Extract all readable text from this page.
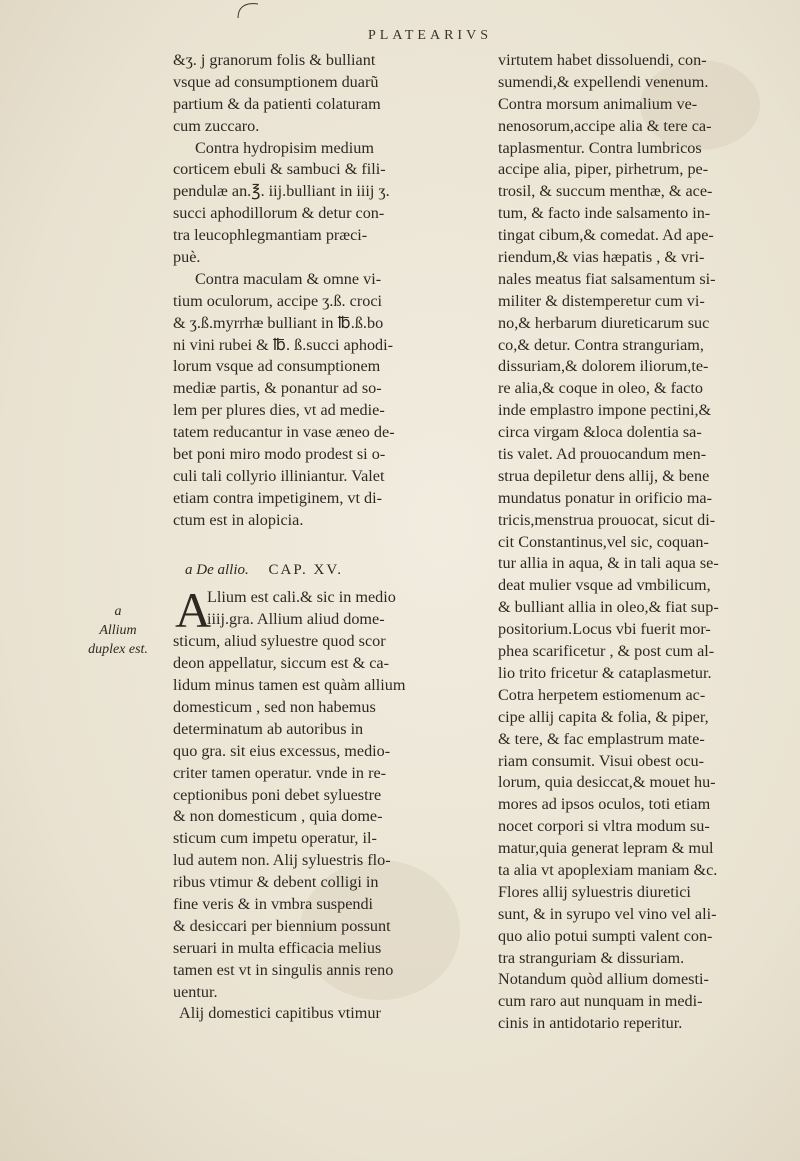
PLATEARIVS
&ʒ. j granorum folis & bulliant
vsque ad consumptionem duarũ
partium & da patienti colaturam
cum zuccaro.
Contra hydropisim medium
corticem ebuli & sambuci & fili-
pendulæ an.℥. iij.bulliant in iiij ʒ.
succi aphodillorum & detur con-
tra leucophlegmantiam præci-
puè.
Contra maculam & omne vi-
tium oculorum, accipe ʒ.ß. croci
& ʒ.ß.myrrhæ bulliant in ℔.ß.bo
ni vini rubei & ℔. ß.succi aphodi-
lorum vsque ad consumptionem
mediæ partis, & ponantur ad so-
lem per plures dies, vt ad medie-
tatem reducantur in vase æneo de-
bet poni miro modo prodest si o-
culi tali collyrio illiniantur. Valet
etiam contra impetiginem, vt di-
ctum est in alopicia.
a De allio. CAP. XV.
A
Llium est cali.& sic in medio
iiij.gra. Allium aliud dome-
sticum, aliud syluestre quod scor
deon appellatur, siccum est & ca-
lidum minus tamen est quàm allium
domesticum , sed non habemus
determinatum ab autoribus in
quo gra. sit eius excessus, medio-
criter tamen operatur. vnde in re-
ceptionibus poni debet syluestre
& non domesticum , quia dome-
sticum cum impetu operatur, il-
lud autem non. Alij syluestris flo-
ribus vtimur & debent colligi in
fine veris & in vmbra suspendi
& desiccari per biennium possunt
seruari in multa efficacia melius
tamen est vt in singulis annis reno
uentur.
Alij domestici capitibus vtimur
a
Allium
duplex est.
virtutem habet dissoluendi, con-
sumendi,& expellendi venenum.
Contra morsum animalium ve-
nenosorum,accipe alia & tere ca-
taplasmentur. Contra lumbricos
accipe alia, piper, pirhetrum, pe-
trosil, & succum menthæ, & ace-
tum, & facto inde salsamento in-
tingat cibum,& comedat. Ad ape-
riendum,& vias hæpatis , & vri-
nales meatus fiat salsamentum si-
militer & distemperetur cum vi-
no,& herbarum diureticarum suc
co,& detur. Contra stranguriam,
dissuriam,& dolorem iliorum,te-
re alia,& coque in oleo, & facto
inde emplastro impone pectini,&
circa virgam &loca dolentia sa-
tis valet. Ad prouocandum men-
strua depiletur dens allij, & bene
mundatus ponatur in orificio ma-
tricis,menstrua prouocat, sicut di-
cit Constantinus,vel sic, coquan-
tur allia in aqua, & in tali aqua se-
deat mulier vsque ad vmbilicum,
& bulliant allia in oleo,& fiat sup-
positorium.Locus vbi fuerit mor-
phea scarificetur , & post cum al-
lio trito fricetur & cataplasmetur.
Cotra herpetem estiomenum ac-
cipe allij capita & folia, & piper,
& tere, & fac emplastrum mate-
riam consumit. Visui obest ocu-
lorum, quia desiccat,& mouet hu-
mores ad ipsos oculos, toti etiam
nocet corpori si vltra modum su-
matur,quia generat lepram & mul
ta alia vt apoplexiam maniam &c.
Flores allij syluestris diuretici
sunt, & in syrupo vel vino vel ali-
quo alio potui sumpti valent con-
tra stranguriam & dissuriam.
Notandum quòd allium domesti-
cum raro aut nunquam in medi-
cinis in antidotario reperitur.
